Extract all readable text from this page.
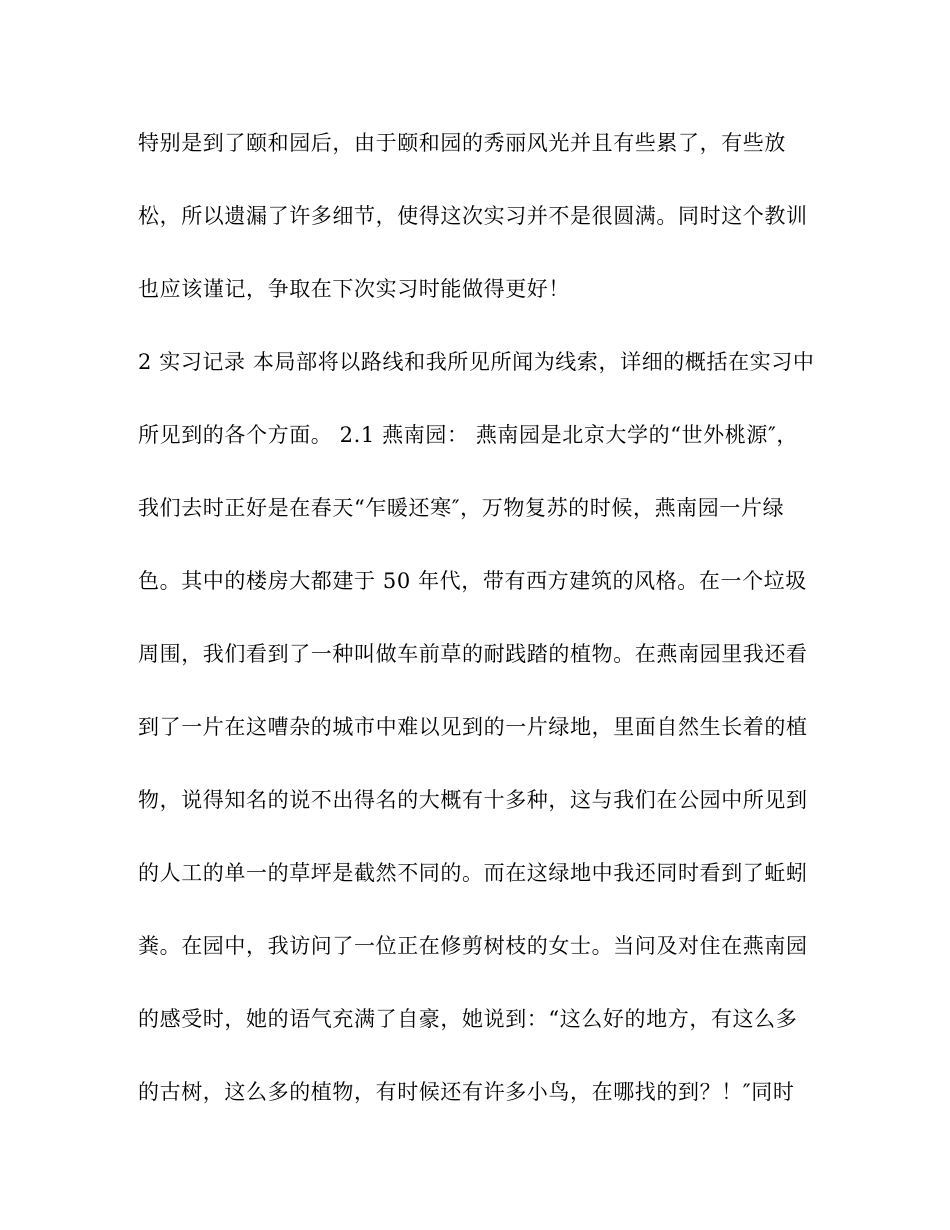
特别是到了颐和园后，由于颐和园的秀丽风光并且有些累了，有些放
松，所以遗漏了许多细节，使得这次实习并不是很圆满。同时这个教训
也应该谨记，争取在下次实习时能做得更好！
2 实习记录 本局部将以路线和我所见所闻为线索，详细的概括在实习中
所见到的各个方面。 2.1 燕南园： 燕南园是北京大学的“世外桃源″，
我们去时正好是在春天“乍暖还寒″，万物复苏的时候，燕南园一片绿
色。其中的楼房大都建于 50 年代，带有西方建筑的风格。在一个垃圾
周围，我们看到了一种叫做车前草的耐践踏的植物。在燕南园里我还看
到了一片在这嘈杂的城市中难以见到的一片绿地，里面自然生长着的植
物，说得知名的说不出得名的大概有十多种，这与我们在公园中所见到
的人工的单一的草坪是截然不同的。而在这绿地中我还同时看到了蚯蚓
粪。在园中，我访问了一位正在修剪树枝的女士。当问及对住在燕南园
的感受时，她的语气充满了自豪，她说到：“这么好的地方，有这么多
的古树，这么多的植物，有时候还有许多小鸟，在哪找的到？！″同时
